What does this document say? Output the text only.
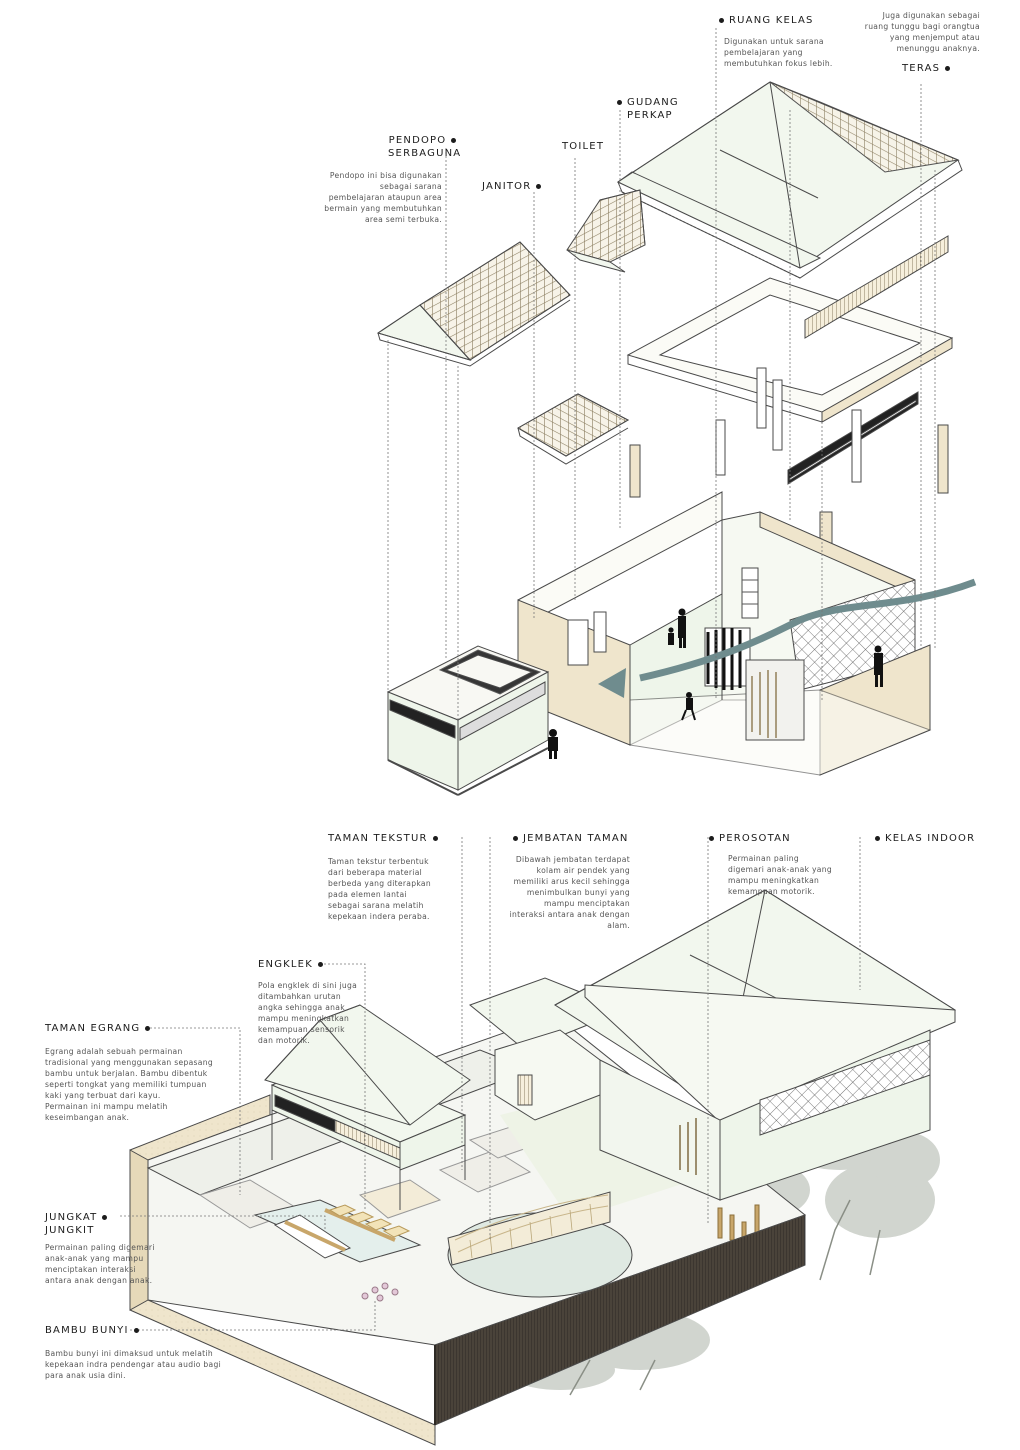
RUANG KELAS
Digunakan untuk sarana
pembelajaran yang
membutuhkan fokus lebih.
Juga digunakan sebagai
ruang tunggu bagi orangtua
yang menjemput atau
menunggu anaknya.
TERAS
GUDANG
PERKAP
TOILET
JANITOR
PENDOPO
SERBAGUNA
Pendopo ini bisa digunakan
sebagai sarana
pembelajaran ataupun area
bermain yang membutuhkan
area semi terbuka.
TAMAN TEKSTUR
Taman tekstur terbentuk
dari beberapa material
berbeda yang diterapkan
pada elemen lantai
sebagai sarana melatih
kepekaan indera peraba.
JEMBATAN TAMAN
Dibawah jembatan terdapat
kolam air pendek yang
memiliki arus kecil sehingga
menimbulkan bunyi yang
mampu menciptakan
interaksi antara anak dengan
alam.
PEROSOTAN
Permainan paling
digemari anak-anak yang
mampu meningkatkan
kemampuan motorik.
KELAS INDOOR
ENGKLEK
Pola engklek di sini juga
ditambahkan urutan
angka sehingga anak
mampu meningkatkan
kemampuan sensorik
dan motorik.
TAMAN EGRANG
Egrang adalah sebuah permainan
tradisional yang menggunakan sepasang
bambu untuk berjalan. Bambu dibentuk
seperti tongkat yang memiliki tumpuan
kaki yang terbuat dari kayu.
Permainan ini mampu melatih
keseimbangan anak.
JUNGKAT
JUNGKIT
Permainan paling digemari
anak-anak yang mampu
menciptakan interaksi
antara anak dengan anak.
BAMBU BUNYI
Bambu bunyi ini dimaksud untuk melatih
kepekaan indra pendengar atau audio bagi
para anak usia dini.
